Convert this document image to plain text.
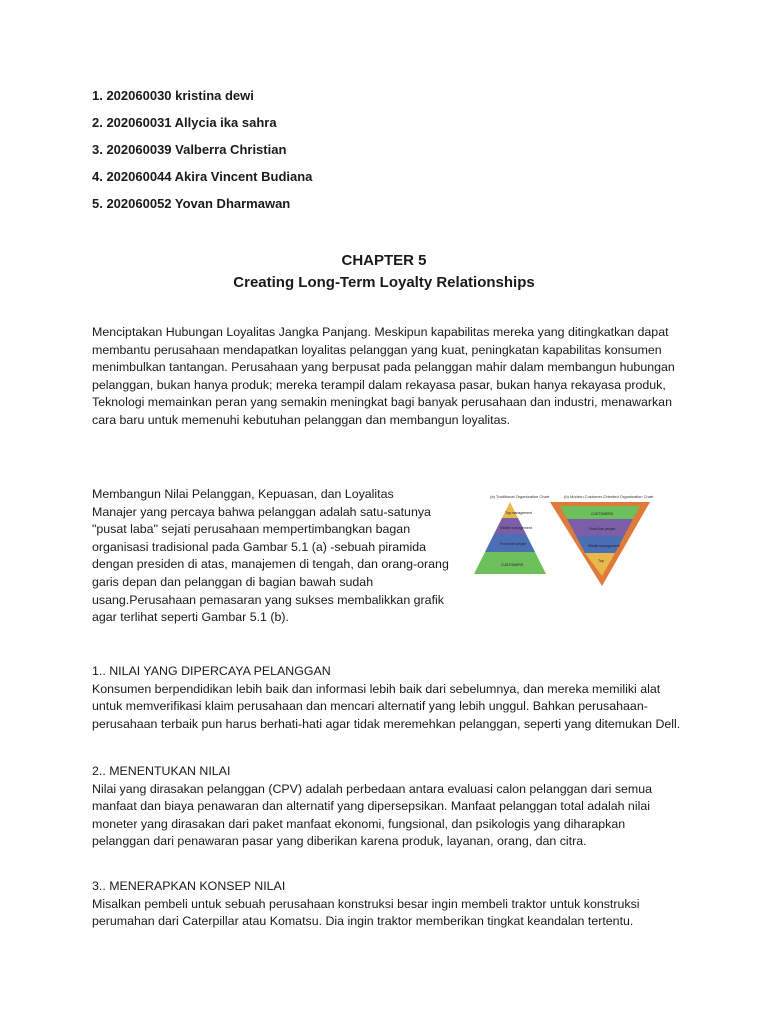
1. 202060030 kristina dewi
2. 202060031 Allycia ika sahra
3. 202060039 Valberra Christian
4. 202060044 Akira Vincent Budiana
5. 202060052 Yovan Dharmawan
CHAPTER 5
Creating Long-Term Loyalty Relationships
Menciptakan Hubungan Loyalitas Jangka Panjang. Meskipun kapabilitas mereka yang ditingkatkan dapat membantu perusahaan mendapatkan loyalitas pelanggan yang kuat, peningkatan kapabilitas konsumen menimbulkan tantangan. Perusahaan yang berpusat pada pelanggan mahir dalam membangun hubungan pelanggan, bukan hanya produk; mereka terampil dalam rekayasa pasar, bukan hanya rekayasa produk, Teknologi memainkan peran yang semakin meningkat bagi banyak perusahaan dan industri, menawarkan cara baru untuk memenuhi kebutuhan pelanggan dan membangun loyalitas.
Membangun Nilai Pelanggan, Kepuasan, dan Loyalitas
Manajer yang percaya bahwa pelanggan adalah satu-satunya "pusat laba" sejati perusahaan mempertimbangkan bagan organisasi tradisional pada Gambar 5.1 (a) -sebuah piramida dengan presiden di atas, manajemen di tengah, dan orang-orang garis depan dan pelanggan di bagian bawah sudah usang.Perusahaan pemasaran yang sukses membalikkan grafik agar terlihat seperti Gambar 5.1 (b).
(a) Traditional Organization Chart	(b) Modern Customer-Oriented Organization Chart
Top management
Middle management
Front-line people
CUSTOMERS
CUSTOMERS
Front-line people
Middle management
Top
1.. NILAI YANG DIPERCAYA PELANGGAN
Konsumen berpendidikan lebih baik dan informasi lebih baik dari sebelumnya, dan mereka memiliki alat untuk memverifikasi klaim perusahaan dan mencari alternatif yang lebih unggul. Bahkan perusahaan-perusahaan terbaik pun harus berhati-hati agar tidak meremehkan pelanggan, seperti yang ditemukan Dell.
2.. MENENTUKAN NILAI
Nilai yang dirasakan pelanggan (CPV) adalah perbedaan antara evaluasi calon pelanggan dari semua manfaat dan biaya penawaran dan alternatif yang dipersepsikan. Manfaat pelanggan total adalah nilai moneter yang dirasakan dari paket manfaat ekonomi, fungsional, dan psikologis yang diharapkan pelanggan dari penawaran pasar yang diberikan karena produk, layanan, orang, dan citra.
3.. MENERAPKAN KONSEP NILAI
Misalkan pembeli untuk sebuah perusahaan konstruksi besar ingin membeli traktor untuk konstruksi perumahan dari Caterpillar atau Komatsu. Dia ingin traktor memberikan tingkat keandalan tertentu.
